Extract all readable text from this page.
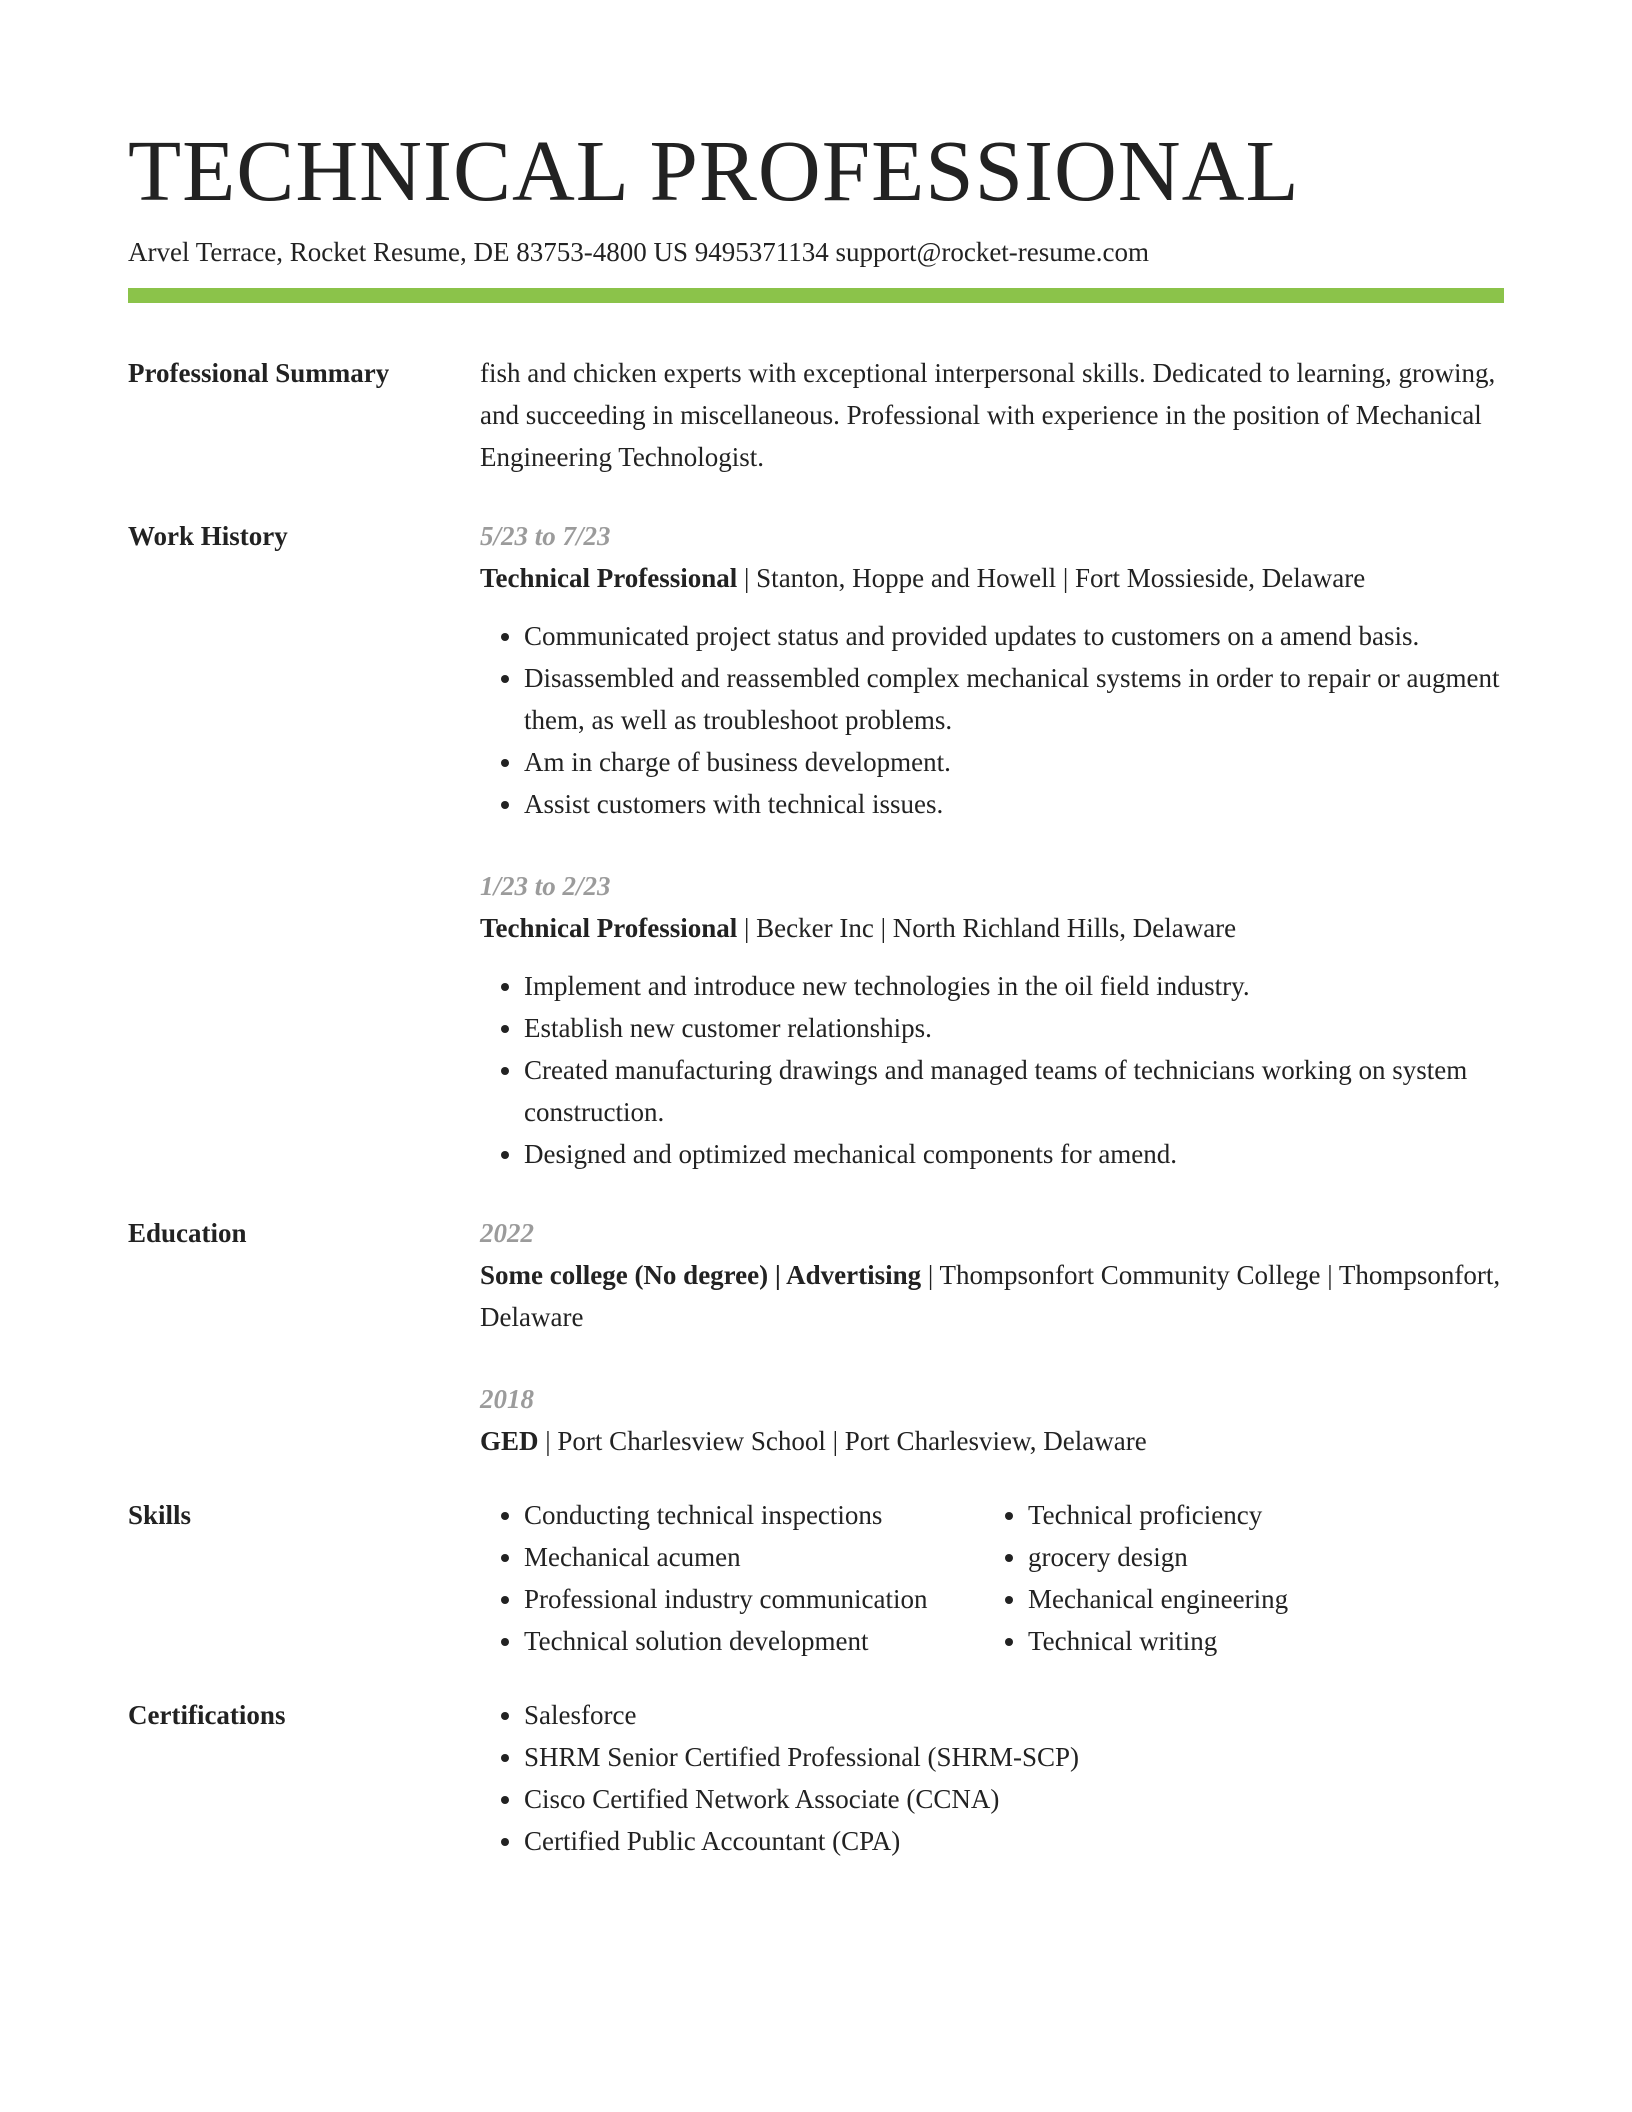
TECHNICAL PROFESSIONAL
Arvel Terrace, Rocket Resume, DE 83753-4800 US 9495371134 support@rocket-resume.com
Professional Summary	fish and chicken experts with exceptional interpersonal skills. Dedicated to learning, growing, and succeeding in miscellaneous. Professional with experience in the position of Mechanical Engineering Technologist.
Work History	5/23 to 7/23
Technical Professional | Stanton, Hoppe and Howell | Fort Mossieside, Delaware
• Communicated project status and provided updates to customers on a amend basis.
• Disassembled and reassembled complex mechanical systems in order to repair or augment them, as well as troubleshoot problems.
• Am in charge of business development.
• Assist customers with technical issues.
1/23 to 2/23
Technical Professional | Becker Inc | North Richland Hills, Delaware
• Implement and introduce new technologies in the oil field industry.
• Establish new customer relationships.
• Created manufacturing drawings and managed teams of technicians working on system construction.
• Designed and optimized mechanical components for amend.
Education	2022
Some college (No degree) | Advertising | Thompsonfort Community College | Thompsonfort, Delaware
2018
GED | Port Charlesview School | Port Charlesview, Delaware
Skills	• Conducting technical inspections
• Mechanical acumen
• Professional industry communication
• Technical solution development
• Technical proficiency
• grocery design
• Mechanical engineering
• Technical writing
Certifications	• Salesforce
• SHRM Senior Certified Professional (SHRM-SCP)
• Cisco Certified Network Associate (CCNA)
• Certified Public Accountant (CPA)
